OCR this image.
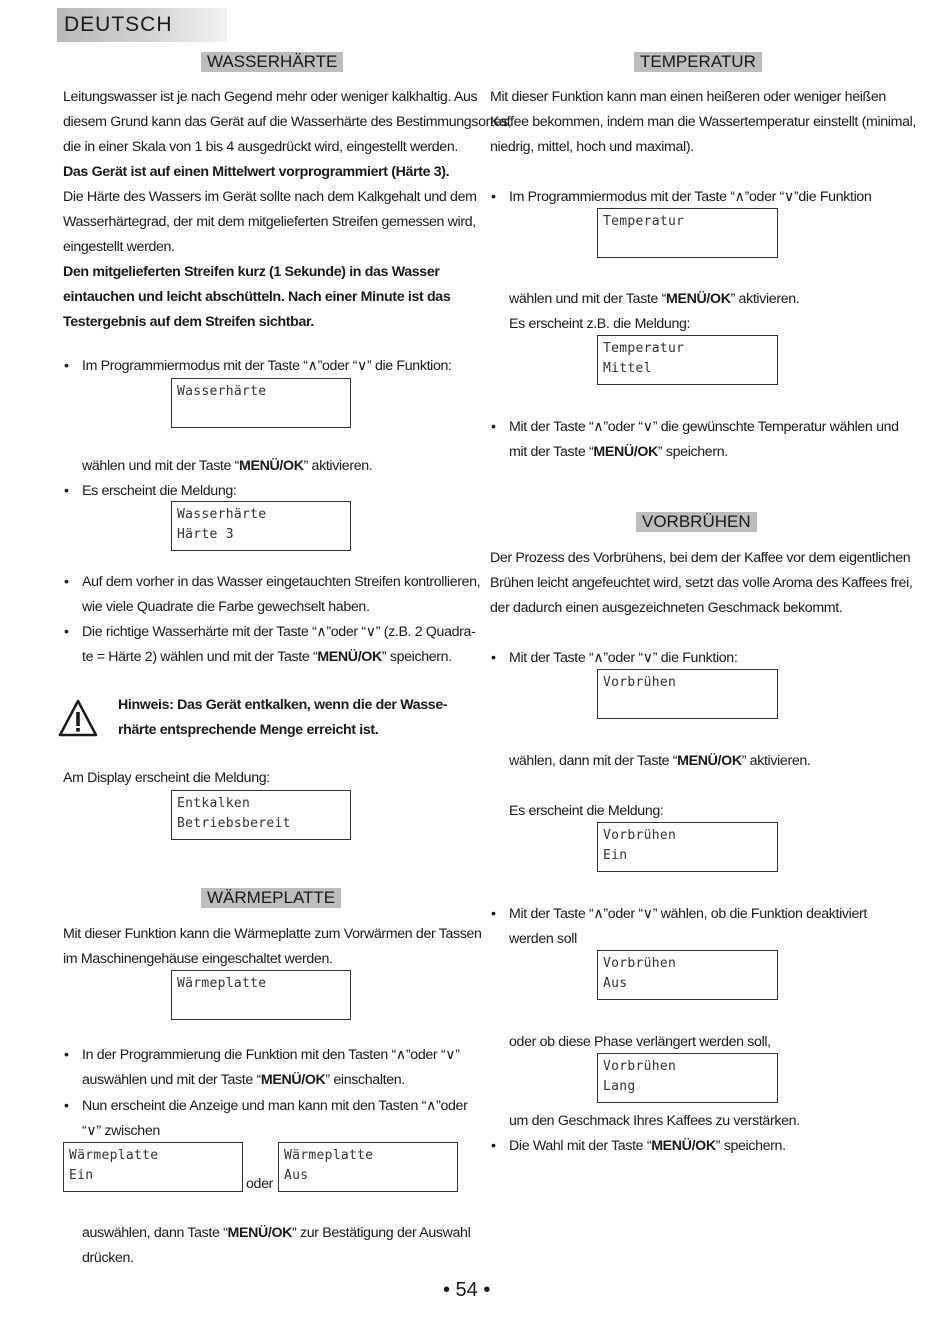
DEUTSCH
WASSERHÄRTE
Leitungswasser ist je nach Gegend mehr oder weniger kalkhaltig. Aus
diesem Grund kann das Gerät auf die Wasserhärte des Bestimmungsortes,
die in einer Skala von 1 bis 4 ausgedrückt wird, eingestellt werden.
Das Gerät ist auf einen Mittelwert vorprogrammiert (Härte 3).
Die Härte des Wassers im Gerät sollte nach dem Kalkgehalt und dem
Wasserhärtegrad, der mit dem mitgelieferten Streifen gemessen wird,
eingestellt werden.
Den mitgelieferten Streifen kurz (1 Sekunde) in das Wasser
eintauchen und leicht abschütteln. Nach einer Minute ist das
Testergebnis auf dem Streifen sichtbar.
• Im Programmiermodus mit der Taste “∧”oder “∨” die Funktion:
Wasserhärte
wählen und mit der Taste “MENÜ/OK” aktivieren.
• Es erscheint die Meldung:
Wasserhärte
Härte 3
• Auf dem vorher in das Wasser eingetauchten Streifen kontrollieren,
wie viele Quadrate die Farbe gewechselt haben.
• Die richtige Wasserhärte mit der Taste “∧”oder “∨” (z.B. 2 Quadra-
te = Härte 2) wählen und mit der Taste “MENÜ/OK” speichern.
Hinweis: Das Gerät entkalken, wenn die der Wasse-
rhärte entsprechende Menge erreicht ist.
Am Display erscheint die Meldung:
Entkalken
Betriebsbereit
WÄRMEPLATTE
Mit dieser Funktion kann die Wärmeplatte zum Vorwärmen der Tassen
im Maschinengehäuse eingeschaltet werden.
Wärmeplatte
• In der Programmierung die Funktion mit den Tasten “∧”oder “∨”
auswählen und mit der Taste “MENÜ/OK” einschalten.
• Nun erscheint die Anzeige und man kann mit den Tasten “∧”oder
“∨” zwischen
Wärmeplatte
Ein
oder
Wärmeplatte
Aus
auswählen, dann Taste “MENÜ/OK” zur Bestätigung der Auswahl
drücken.
TEMPERATUR
Mit dieser Funktion kann man einen heißeren oder weniger heißen
Kaffee bekommen, indem man die Wassertemperatur einstellt (minimal,
niedrig, mittel, hoch und maximal).
• Im Programmiermodus mit der Taste “∧”oder “∨”die Funktion
Temperatur
wählen und mit der Taste “MENÜ/OK” aktivieren.
Es erscheint z.B. die Meldung:
Temperatur
Mittel
• Mit der Taste “∧”oder “∨” die gewünschte Temperatur wählen und
mit der Taste “MENÜ/OK” speichern.
VORBRÜHEN
Der Prozess des Vorbrühens, bei dem der Kaffee vor dem eigentlichen
Brühen leicht angefeuchtet wird, setzt das volle Aroma des Kaffees frei,
der dadurch einen ausgezeichneten Geschmack bekommt.
• Mit der Taste “∧”oder “∨” die Funktion:
Vorbrühen
wählen, dann mit der Taste “MENÜ/OK” aktivieren.
Es erscheint die Meldung:
Vorbrühen
Ein
• Mit der Taste “∧”oder “∨” wählen, ob die Funktion deaktiviert
werden soll
Vorbrühen
Aus
oder ob diese Phase verlängert werden soll,
Vorbrühen
Lang
um den Geschmack Ihres Kaffees zu verstärken.
• Die Wahl mit der Taste “MENÜ/OK” speichern.
• 54 •
